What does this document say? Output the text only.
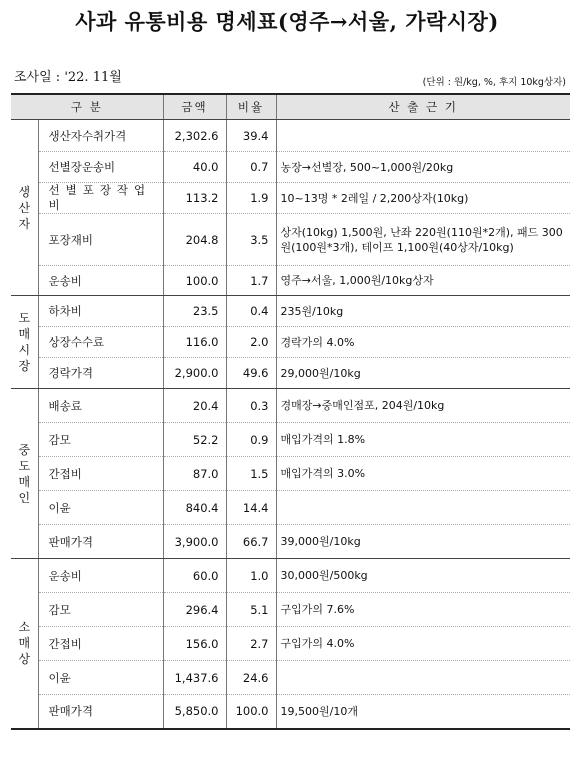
사과 유통비용 명세표(영주→서울, 가락시장)
조사일 : '22. 11월	(단위 : 원/kg, %, 후지 10kg상자)
구 분		금액	비율	산 출 근 기
생산자	생산자수취가격	2,302.6	39.4	
	선별장운송비	40.0	0.7	농장→선별장, 500~1,000원/20kg
	선별포장작업비	113.2	1.9	10~13명 * 2레일 / 2,200상자(10kg)
	포장재비	204.8	3.5	상자(10kg) 1,500원, 난좌 220원(110원*2개), 패드 300원(100원*3개), 테이프 1,100원(40상자/10kg)
	운송비	100.0	1.7	영주→서울, 1,000원/10kg상자
도매시장	하차비	23.5	0.4	235원/10kg
	상장수수료	116.0	2.0	경락가의 4.0%
	경락가격	2,900.0	49.6	29,000원/10kg
중도매인	배송료	20.4	0.3	경매장→중매인점포, 204원/10kg
	감모	52.2	0.9	매입가격의 1.8%
	간접비	87.0	1.5	매입가격의 3.0%
	이윤	840.4	14.4	
	판매가격	3,900.0	66.7	39,000원/10kg
소매상	운송비	60.0	1.0	30,000원/500kg
	감모	296.4	5.1	구입가의 7.6%
	간접비	156.0	2.7	구입가의 4.0%
	이윤	1,437.6	24.6	
	판매가격	5,850.0	100.0	19,500원/10개
